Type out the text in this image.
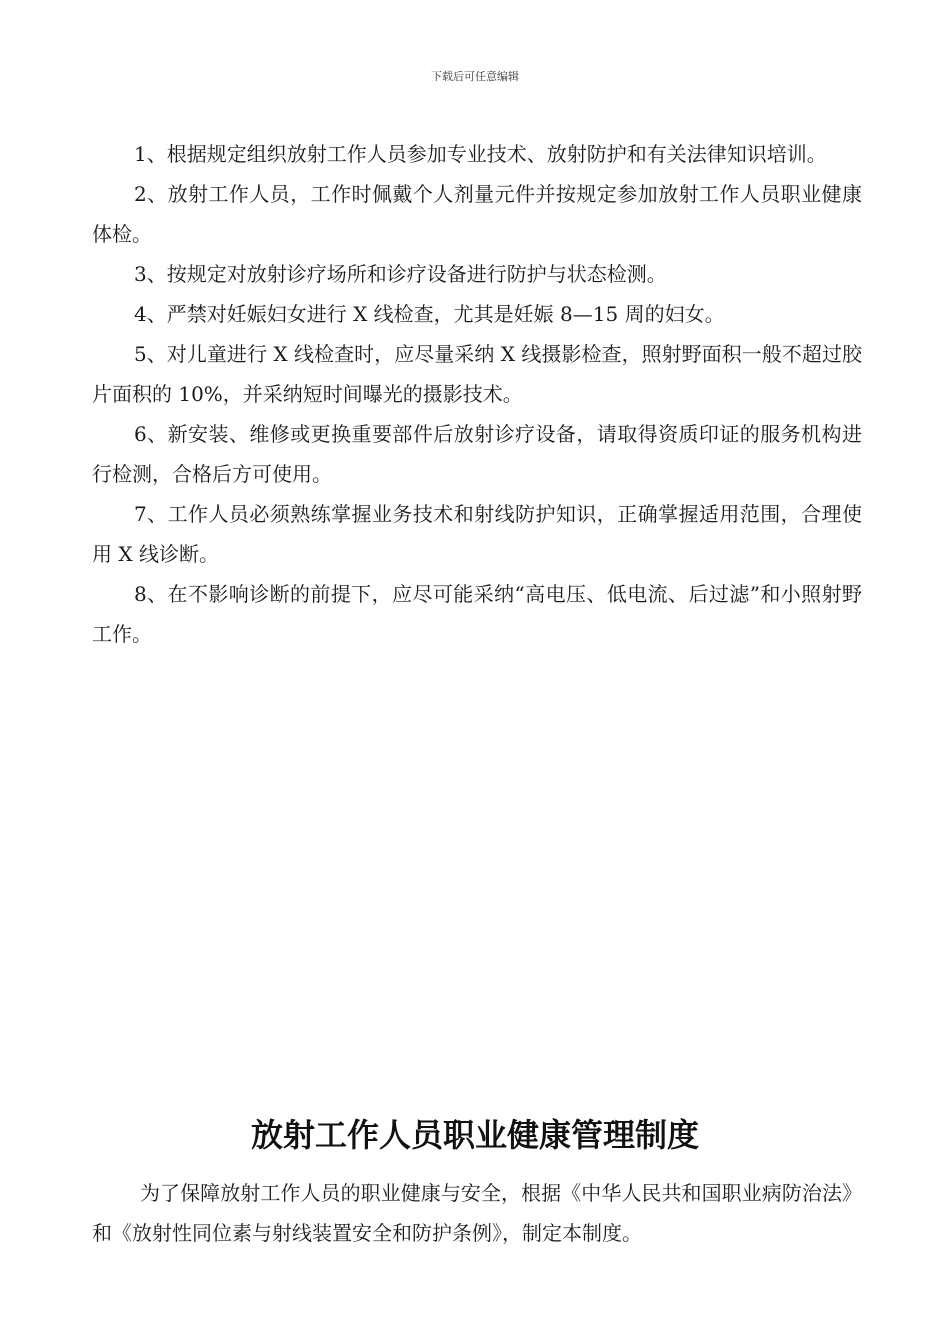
下载后可任意编辑

1、根据规定组织放射工作人员参加专业技术、放射防护和有关法律知识培训。

2、放射工作人员，工作时佩戴个人剂量元件并按规定参加放射工作人员职业健康体检。

3、按规定对放射诊疗场所和诊疗设备进行防护与状态检测。

4、严禁对妊娠妇女进行 X 线检查，尤其是妊娠 8—15 周的妇女。

5、对儿童进行 X 线检查时，应尽量采纳 X 线摄影检查，照射野面积一般不超过胶片面积的 10%，并采纳短时间曝光的摄影技术。

6、新安装、维修或更换重要部件后放射诊疗设备，请取得资质印证的服务机构进行检测，合格后方可使用。

7、工作人员必须熟练掌握业务技术和射线防护知识，正确掌握适用范围，合理使用 X 线诊断。

8、在不影响诊断的前提下，应尽可能采纳“高电压、低电流、后过滤”和小照射野工作。

放射工作人员职业健康管理制度

为了保障放射工作人员的职业健康与安全，根据《中华人民共和国职业病防治法》和《放射性同位素与射线装置安全和防护条例》，制定本制度。
